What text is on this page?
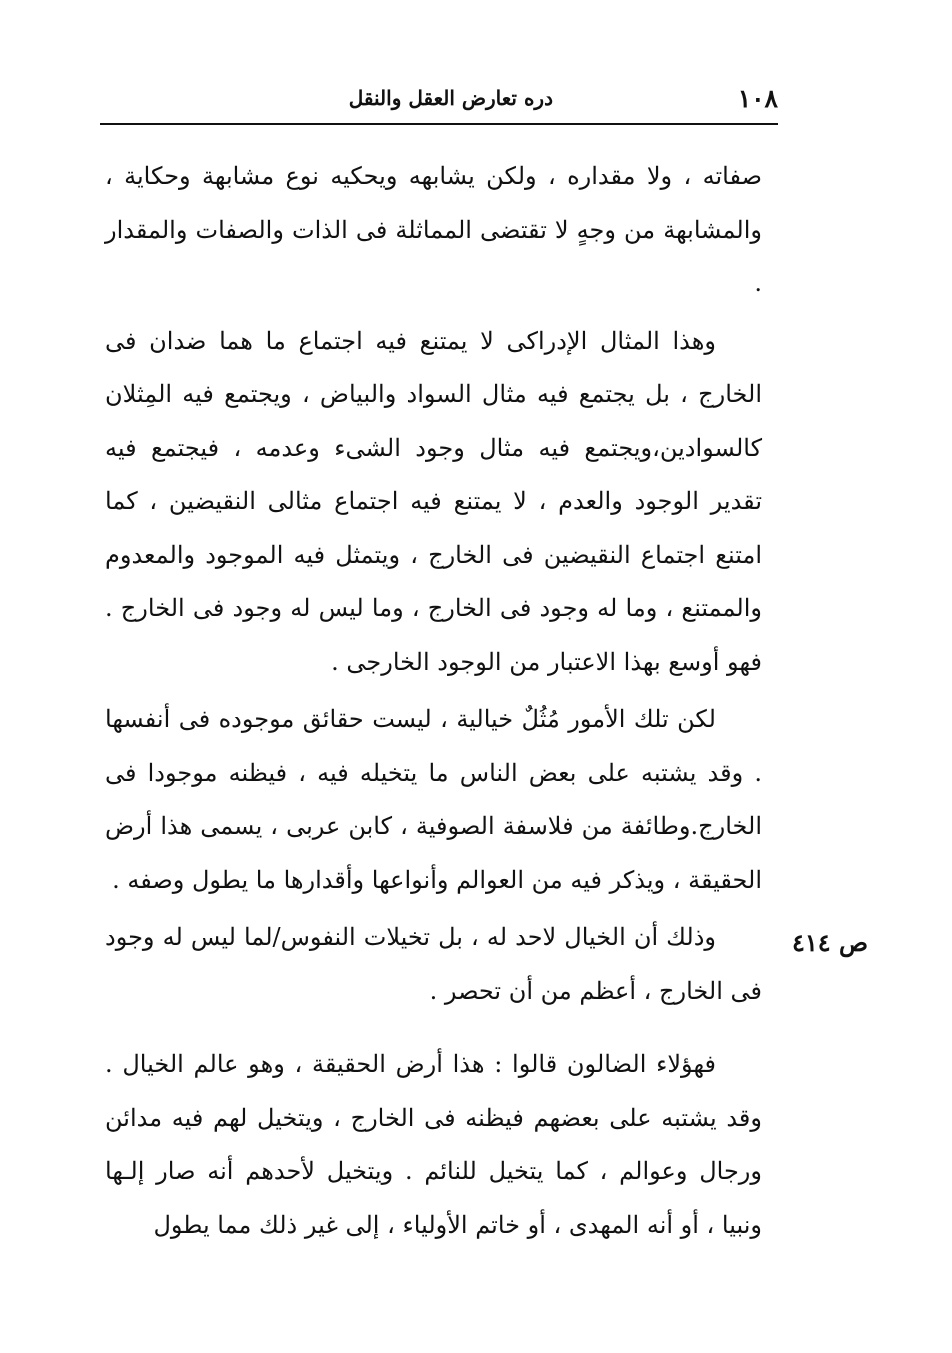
١٠٨
دره تعارض العقل والنقل
ص ٤١٤

صفاته ، ولا مقداره ، ولكن يشابهه ويحكيه نوع مشابهة وحكاية ، والمشابهة من وجهٍ لا تقتضى المماثلة فى الذات والصفات والمقدار .

وهذا المثال الإدراكى لا يمتنع فيه اجتماع ما هما ضدان فى الخارج ، بل يجتمع فيه مثال السواد والبياض ، ويجتمع فيه المِثلان كالسوادين،ويجتمع فيه مثال وجود الشىء وعدمه ، فيجتمع فيه تقدير الوجود والعدم ، لا يمتنع فيه اجتماع مثالى النقيضين ، كما امتنع اجتماع النقيضين فى الخارج ، ويتمثل فيه الموجود والمعدوم والممتنع ، وما له وجود فى الخارج ، وما ليس له وجود فى الخارج . فهو أوسع بهذا الاعتبار من الوجود الخارجى .

لكن تلك الأمور مُثُلٌ خيالية ، ليست حقائق موجوده فى أنفسها . وقد يشتبه على بعض الناس ما يتخيله فيه ، فيظنه موجودا فى الخارج.وطائفة من فلاسفة الصوفية ، كابن عربى ، يسمى هذا أرض الحقيقة ، ويذكر فيه من العوالم وأنواعها وأقدارها ما يطول وصفه .

وذلك أن الخيال لاحد له ، بل تخيلات النفوس/لما ليس له وجود فى الخارج ، أعظم من أن تحصر .

فهؤلاء الضالون قالوا : هذا أرض الحقيقة ، وهو عالم الخيال . وقد يشتبه على بعضهم فيظنه فى الخارج ، ويتخيل لهم فيه مدائن ورجال وعوالم ، كما يتخيل للنائم . ويتخيل لأحدهم أنه صار إلـها ونبيا ، أو أنه المهدى ، أو خاتم الأولياء ، إلى غير ذلك مما يطول
